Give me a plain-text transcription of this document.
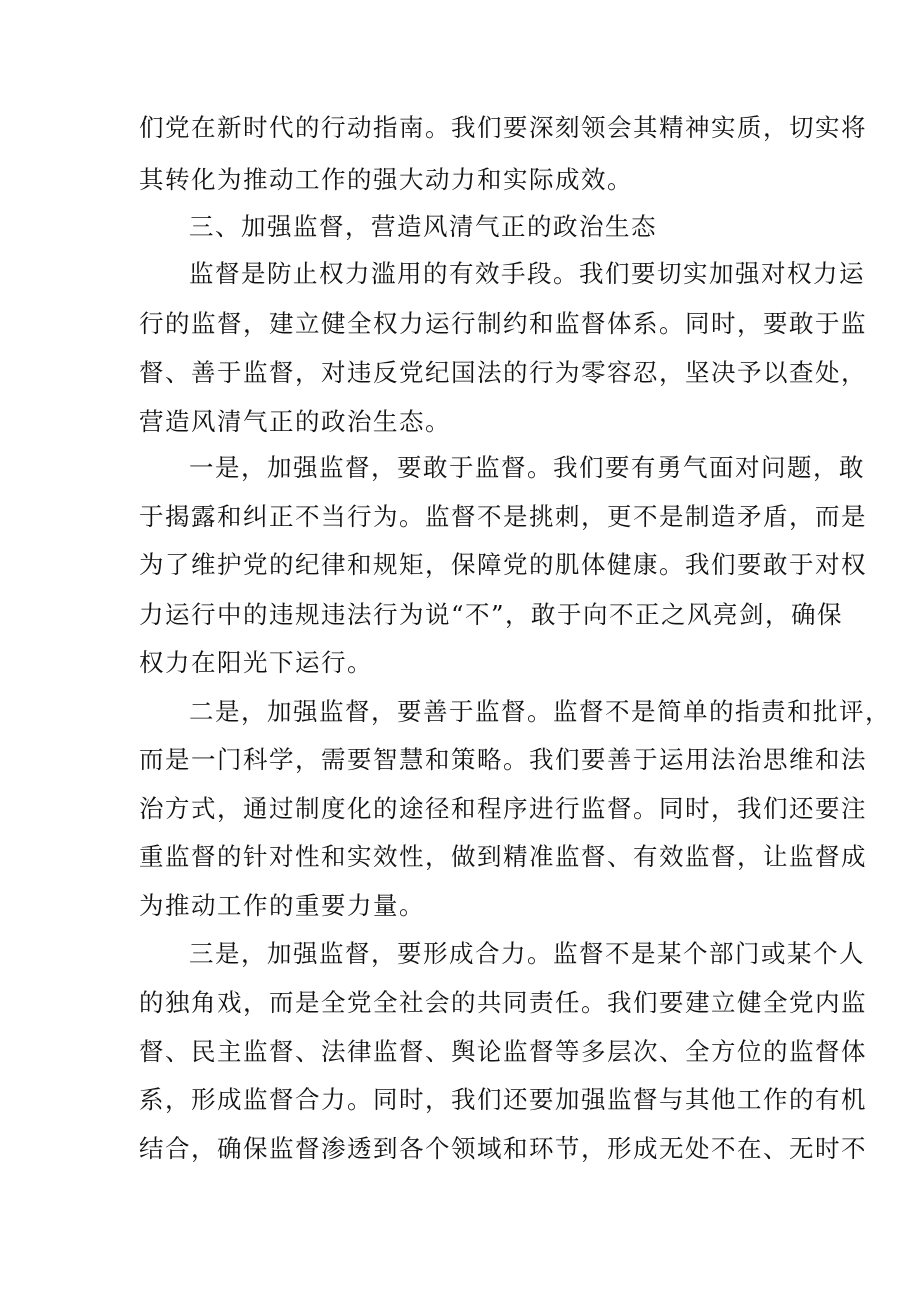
们党在新时代的行动指南。我们要深刻领会其精神实质，切实将
其转化为推动工作的强大动力和实际成效。
三、加强监督，营造风清气正的政治生态
监督是防止权力滥用的有效手段。我们要切实加强对权力运
行的监督，建立健全权力运行制约和监督体系。同时，要敢于监
督、善于监督，对违反党纪国法的行为零容忍，坚决予以查处，
营造风清气正的政治生态。
一是，加强监督，要敢于监督。我们要有勇气面对问题，敢
于揭露和纠正不当行为。监督不是挑刺，更不是制造矛盾，而是
为了维护党的纪律和规矩，保障党的肌体健康。我们要敢于对权
力运行中的违规违法行为说“不”，敢于向不正之风亮剑，确保
权力在阳光下运行。
二是，加强监督，要善于监督。监督不是简单的指责和批评，
而是一门科学，需要智慧和策略。我们要善于运用法治思维和法
治方式，通过制度化的途径和程序进行监督。同时，我们还要注
重监督的针对性和实效性，做到精准监督、有效监督，让监督成
为推动工作的重要力量。
三是，加强监督，要形成合力。监督不是某个部门或某个人
的独角戏，而是全党全社会的共同责任。我们要建立健全党内监
督、民主监督、法律监督、舆论监督等多层次、全方位的监督体
系，形成监督合力。同时，我们还要加强监督与其他工作的有机
结合，确保监督渗透到各个领域和环节，形成无处不在、无时不
